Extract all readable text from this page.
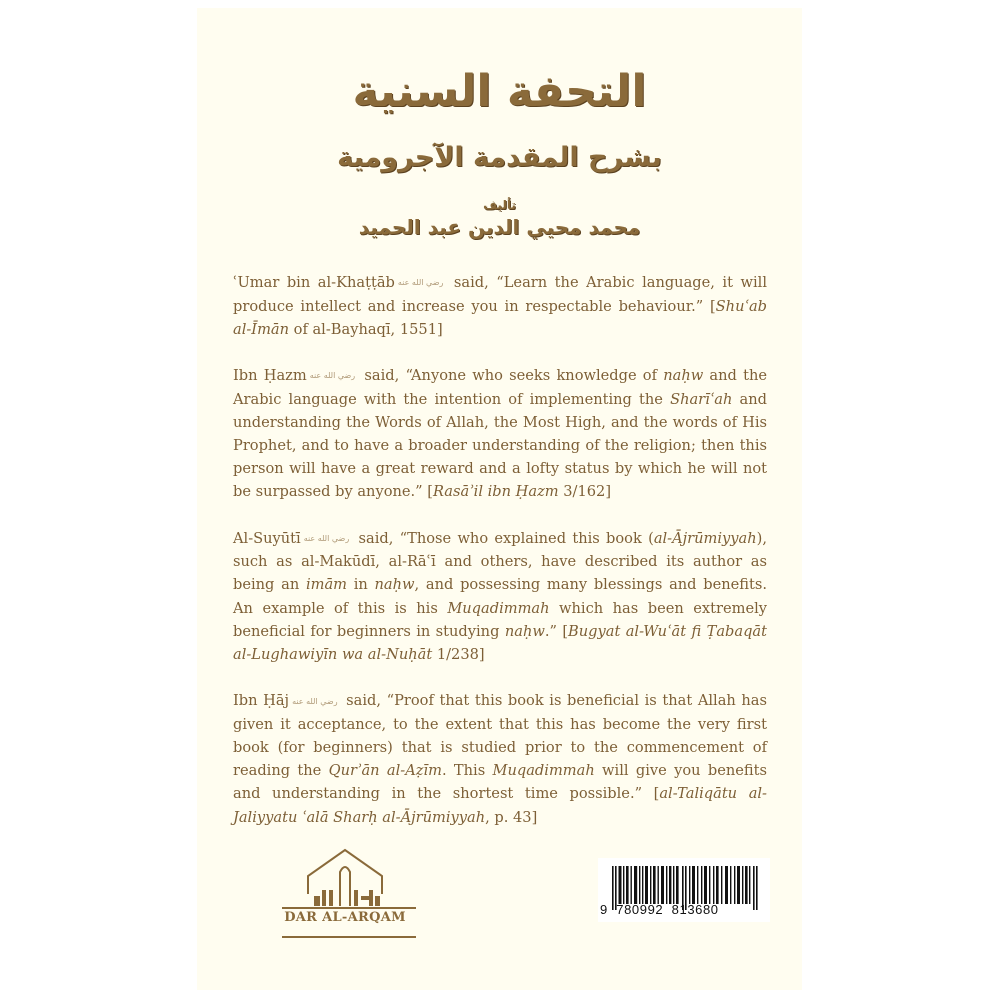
التحفة السنية
بشرح المقدمة الآجرومية
تأليف
محمد محيي الدين عبد الحميد

ʿUmar bin al-Khaṭṭāb رضي الله عنه said, “Learn the Arabic language, it will produce intellect and increase you in respectable behaviour.” [Shuʿab al-Īmān of al-Bayhaqī, 1551]

Ibn Ḥazm رضي الله عنه said, “Anyone who seeks knowledge of naḥw and the Arabic language with the intention of implementing the Sharīʿah and understanding the Words of Allah, the Most High, and the words of His Prophet, and to have a broader understanding of the religion; then this person will have a great reward and a lofty status by which he will not be surpassed by anyone.” [Rasāʾil ibn Ḥazm 3/162]

Al-Suyūtī رضي الله عنه said, “Those who explained this book (al-Ājrūmiyyah), such as al-Makūdī, al-Rāʿī and others, have described its author as being an imām in naḥw, and possessing many blessings and benefits. An example of this is his Muqadimmah which has been extremely beneficial for beginners in studying naḥw.” [Bugyat al-Wuʿāt fi Ṭabaqāt al-Lughawiyīn wa al-Nuḥāt 1/238]

Ibn Ḥāj رضي الله عنه said, “Proof that this book is beneficial is that Allah has given it acceptance, to the extent that this has become the very first book (for beginners) that is studied prior to the commencement of reading the Qurʾān al-Aẓīm. This Muqadimmah will give you benefits and understanding in the shortest time possible.” [al-Taliqātu al-Jaliyyatu ʿalā Sharḥ al-Ājrūmiyyah, p. 43]

DAR AL-ARQAM
9  780992  813680
